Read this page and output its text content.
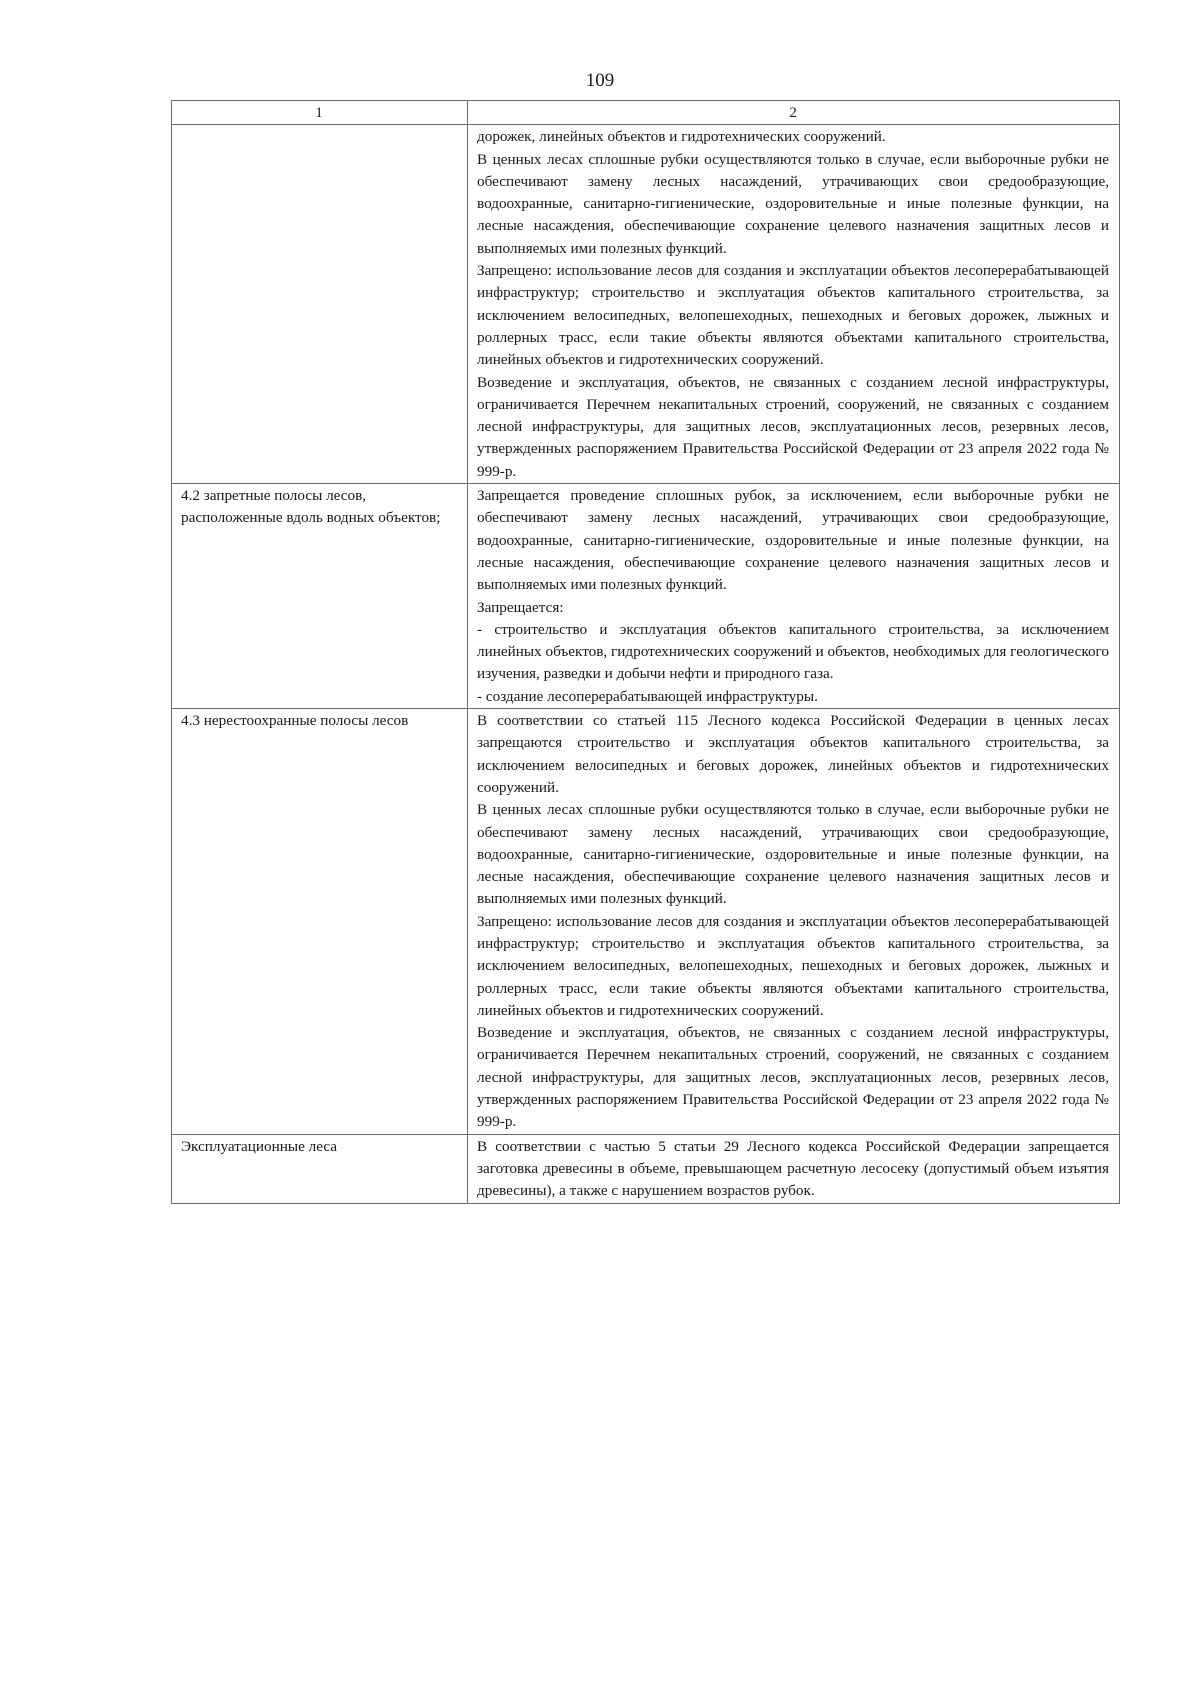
109
1	2

	дорожек, линейных объектов и гидротехнических сооружений.

В ценных лесах сплошные рубки осуществляются только в случае, если выборочные рубки не обеспечивают замену лесных насаждений, утрачивающих свои средообразующие, водоохранные, санитарно-гигиенические, оздоровительные и иные полезные функции, на лесные насаждения, обеспечивающие сохранение целевого назначения защитных лесов и выполняемых ими полезных функций.

Запрещено: использование лесов для создания и эксплуатации объектов лесоперерабатывающей инфраструктур; строительство и эксплуатация объектов капитального строительства, за исключением велосипедных, велопешеходных, пешеходных и беговых дорожек, лыжных и роллерных трасс, если такие объекты являются объектами капитального строительства, линейных объектов и гидротехнических сооружений.

Возведение и эксплуатация, объектов, не связанных с созданием лесной инфраструктуры, ограничивается Перечнем некапитальных строений, сооружений, не связанных с созданием лесной инфраструктуры, для защитных лесов, эксплуатационных лесов, резервных лесов, утвержденных распоряжением Правительства Российской Федерации от 23 апреля 2022 года № 999-р.

4.2 запретные полосы лесов, расположенные вдоль водных объектов;	Запрещается проведение сплошных рубок, за исключением, если выборочные рубки не обеспечивают замену лесных насаждений, утрачивающих свои средообразующие, водоохранные, санитарно-гигиенические, оздоровительные и иные полезные функции, на лесные насаждения, обеспечивающие сохранение целевого назначения защитных лесов и выполняемых ими полезных функций.

Запрещается:

- строительство и эксплуатация объектов капитального строительства, за исключением линейных объектов, гидротехнических сооружений и объектов, необходимых для геологического изучения, разведки и добычи нефти и природного газа.

- создание лесоперерабатывающей инфраструктуры.

4.3 нерестоохранные полосы лесов	В соответствии со статьей 115 Лесного кодекса Российской Федерации в ценных лесах запрещаются строительство и эксплуатация объектов капитального строительства, за исключением велосипедных и беговых дорожек, линейных объектов и гидротехнических сооружений.

В ценных лесах сплошные рубки осуществляются только в случае, если выборочные рубки не обеспечивают замену лесных насаждений, утрачивающих свои средообразующие, водоохранные, санитарно-гигиенические, оздоровительные и иные полезные функции, на лесные насаждения, обеспечивающие сохранение целевого назначения защитных лесов и выполняемых ими полезных функций.

Запрещено: использование лесов для создания и эксплуатации объектов лесоперерабатывающей инфраструктур; строительство и эксплуатация объектов капитального строительства, за исключением велосипедных, велопешеходных, пешеходных и беговых дорожек, лыжных и роллерных трасс, если такие объекты являются объектами капитального строительства, линейных объектов и гидротехнических сооружений.

Возведение и эксплуатация, объектов, не связанных с созданием лесной инфраструктуры, ограничивается Перечнем некапитальных строений, сооружений, не связанных с созданием лесной инфраструктуры, для защитных лесов, эксплуатационных лесов, резервных лесов, утвержденных распоряжением Правительства Российской Федерации от 23 апреля 2022 года № 999-р.

Эксплуатационные леса	В соответствии с частью 5 статьи 29 Лесного кодекса Российской Федерации запрещается заготовка древесины в объеме, превышающем расчетную лесосеку (допустимый объем изъятия древесины), а также с нарушением возрастов рубок.
